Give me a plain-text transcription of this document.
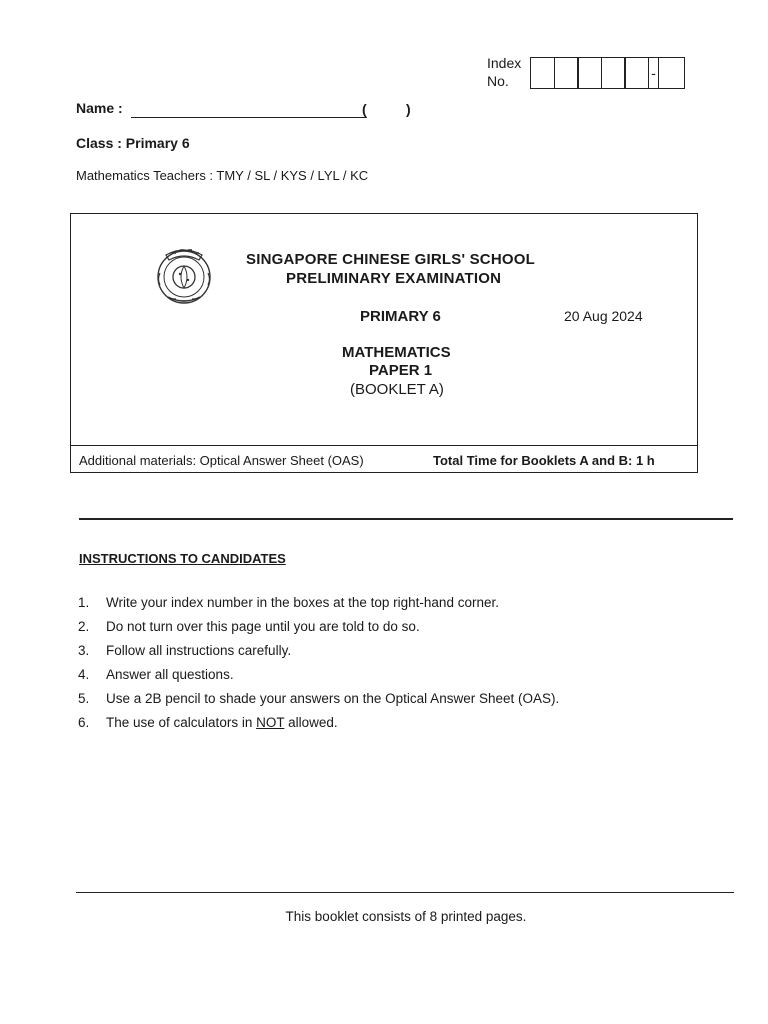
Index
No.	-
Name :	(	)
Class : Primary 6
Mathematics Teachers : TMY / SL / KYS / LYL / KC
SINGAPORE CHINESE GIRLS' SCHOOL
PRELIMINARY EXAMINATION
PRIMARY 6	20 Aug 2024
MATHEMATICS
PAPER 1
(BOOKLET A)
Additional materials: Optical Answer Sheet (OAS)	Total Time for Booklets A and B: 1 h
INSTRUCTIONS TO CANDIDATES
1.	Write your index number in the boxes at the top right-hand corner.
2.	Do not turn over this page until you are told to do so.
3.	Follow all instructions carefully.
4.	Answer all questions.
5.	Use a 2B pencil to shade your answers on the Optical Answer Sheet (OAS).
6.	The use of calculators in NOT allowed.
This booklet consists of 8 printed pages.
